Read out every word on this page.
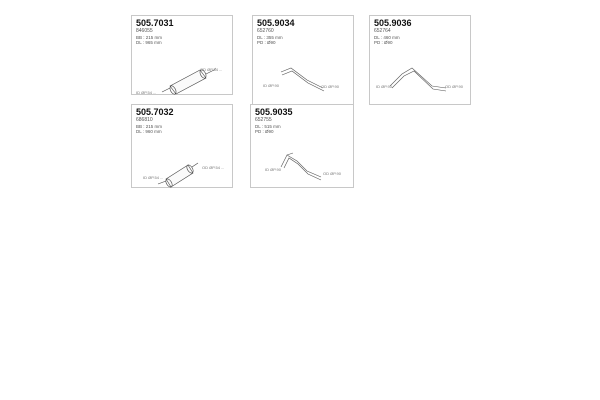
505.7031
846055
BB : 215 mm
DL : 965 mm
ID ØP.54 ...
OD ØP.54 ...
505.9034
652760
DL : 355 mm
PD : Ø90
ID ØP.90	OD ØP.90
505.9036
652764
DL : 460 mm
PD : Ø90
ID ØP.90	OD ØP.90
505.7032
686810
BB : 215 mm
DL : 960 mm
ID ØP.54 ...
OD ØP.54 ...
505.9035
652755
DL : 515 mm
PD : Ø90
ID ØP.90
OD ØP.90
